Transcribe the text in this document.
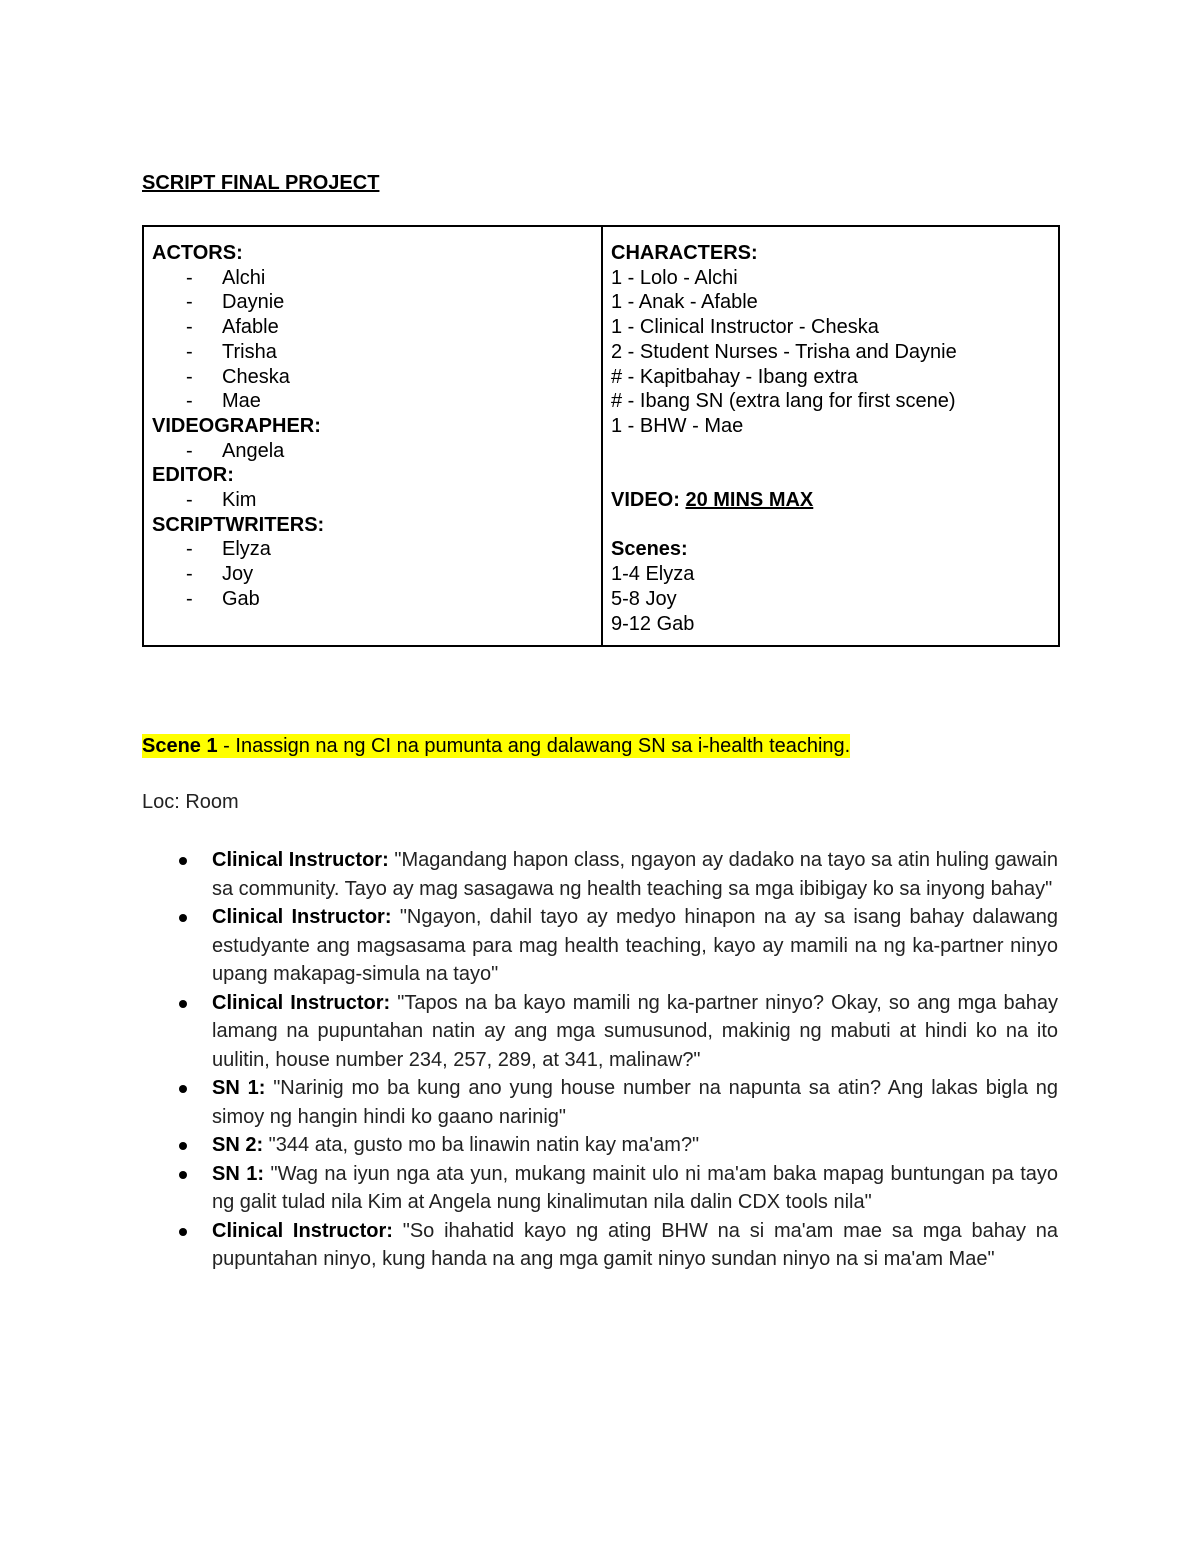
SCRIPT FINAL PROJECT
ACTORS:
-	Alchi
-	Daynie
-	Afable
-	Trisha
-	Cheska
-	Mae
VIDEOGRAPHER:
-	Angela
EDITOR:
-	Kim
SCRIPTWRITERS:
-	Elyza
-	Joy
-	Gab
CHARACTERS:
1 - Lolo - Alchi
1 - Anak - Afable
1 - Clinical Instructor - Cheska
2 - Student Nurses - Trisha and Daynie
# - Kapitbahay - Ibang extra
# - Ibang SN (extra lang for first scene)
1 - BHW - Mae
VIDEO: 20 MINS MAX
Scenes:
1-4 Elyza
5-8 Joy
9-12 Gab
Scene 1 - Inassign na ng CI na pumunta ang dalawang SN sa i-health teaching.
Loc: Room
Clinical Instructor: "Magandang hapon class, ngayon ay dadako na tayo sa atin huling gawain sa community. Tayo ay mag sasagawa ng health teaching sa mga ibibigay ko sa inyong bahay"
Clinical Instructor: "Ngayon, dahil tayo ay medyo hinapon na ay sa isang bahay dalawang estudyante ang magsasama para mag health teaching, kayo ay mamili na ng ka-partner ninyo upang makapag-simula na tayo"
Clinical Instructor: "Tapos na ba kayo mamili ng ka-partner ninyo? Okay, so ang mga bahay lamang na pupuntahan natin ay ang mga sumusunod, makinig ng mabuti at hindi ko na ito uulitin, house number 234, 257, 289, at 341, malinaw?"
SN 1: "Narinig mo ba kung ano yung house number na napunta sa atin? Ang lakas bigla ng simoy ng hangin hindi ko gaano narinig"
SN 2: "344 ata, gusto mo ba linawin natin kay ma'am?"
SN 1: "Wag na iyun nga ata yun, mukang mainit ulo ni ma'am baka mapag buntungan pa tayo ng galit tulad nila Kim at Angela nung kinalimutan nila dalin CDX tools nila"
Clinical Instructor: "So ihahatid kayo ng ating BHW na si ma'am mae sa mga bahay na pupuntahan ninyo, kung handa na ang mga gamit ninyo sundan ninyo na si ma'am Mae"
